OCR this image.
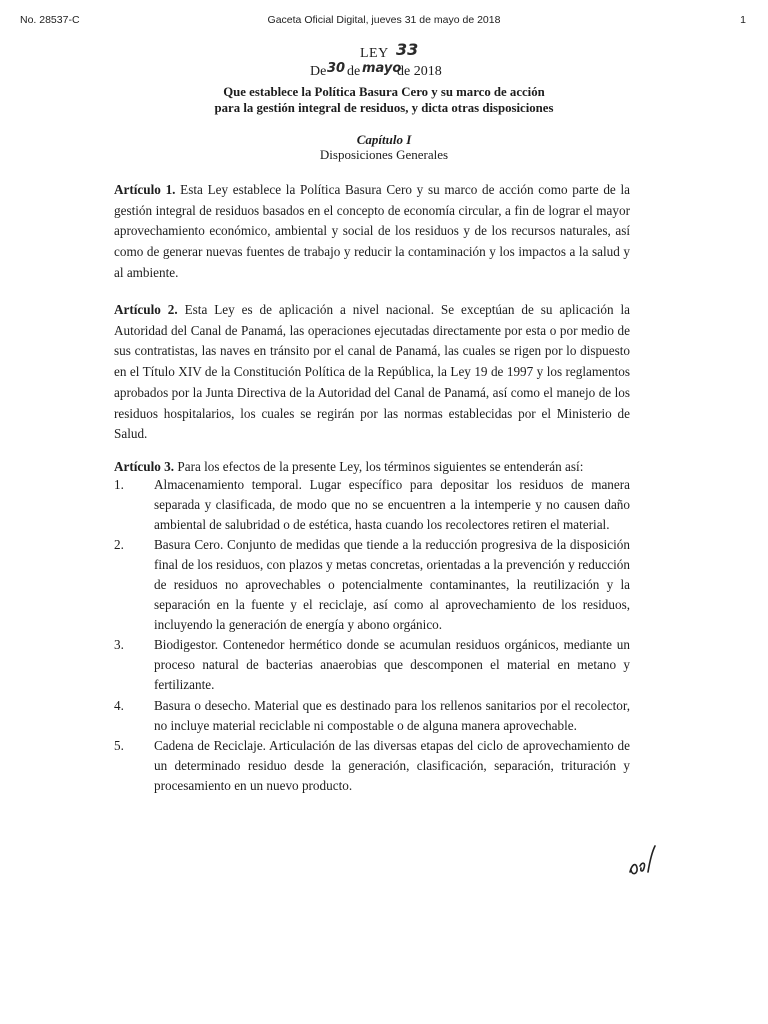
No. 28537-C	Gaceta Oficial Digital, jueves 31 de mayo de 2018	1
LEY 33
De 30 de mayo
de 2018
Que establece la Política Basura Cero y su marco de acción
para la gestión integral de residuos, y dicta otras disposiciones
Capítulo I
Disposiciones Generales
Artículo 1. Esta Ley establece la Política Basura Cero y su marco de acción como parte de la gestión integral de residuos basados en el concepto de economía circular, a fin de lograr el mayor aprovechamiento económico, ambiental y social de los residuos y de los recursos naturales, así como de generar nuevas fuentes de trabajo y reducir la contaminación y los impactos a la salud y al ambiente.
Artículo 2. Esta Ley es de aplicación a nivel nacional. Se exceptúan de su aplicación la Autoridad del Canal de Panamá, las operaciones ejecutadas directamente por esta o por medio de sus contratistas, las naves en tránsito por el canal de Panamá, las cuales se rigen por lo dispuesto en el Título XIV de la Constitución Política de la República, la Ley 19 de 1997 y los reglamentos aprobados por la Junta Directiva de la Autoridad del Canal de Panamá, así como el manejo de los residuos hospitalarios, los cuales se regirán por las normas establecidas por el Ministerio de Salud.
Artículo 3. Para los efectos de la presente Ley, los términos siguientes se entenderán así:
1. Almacenamiento temporal. Lugar específico para depositar los residuos de manera separada y clasificada, de modo que no se encuentren a la intemperie y no causen daño ambiental de salubridad o de estética, hasta cuando los recolectores retiren el material.
2. Basura Cero. Conjunto de medidas que tiende a la reducción progresiva de la disposición final de los residuos, con plazos y metas concretas, orientadas a la prevención y reducción de residuos no aprovechables o potencialmente contaminantes, la reutilización y la separación en la fuente y el reciclaje, así como al aprovechamiento de los residuos, incluyendo la generación de energía y abono orgánico.
3. Biodigestor. Contenedor hermético donde se acumulan residuos orgánicos, mediante un proceso natural de bacterias anaerobias que descomponen el material en metano y fertilizante.
4. Basura o desecho. Material que es destinado para los rellenos sanitarios por el recolector, no incluye material reciclable ni compostable o de alguna manera aprovechable.
5. Cadena de Reciclaje. Articulación de las diversas etapas del ciclo de aprovechamiento de un determinado residuo desde la generación, clasificación, separación, trituración y procesamiento en un nuevo producto.
